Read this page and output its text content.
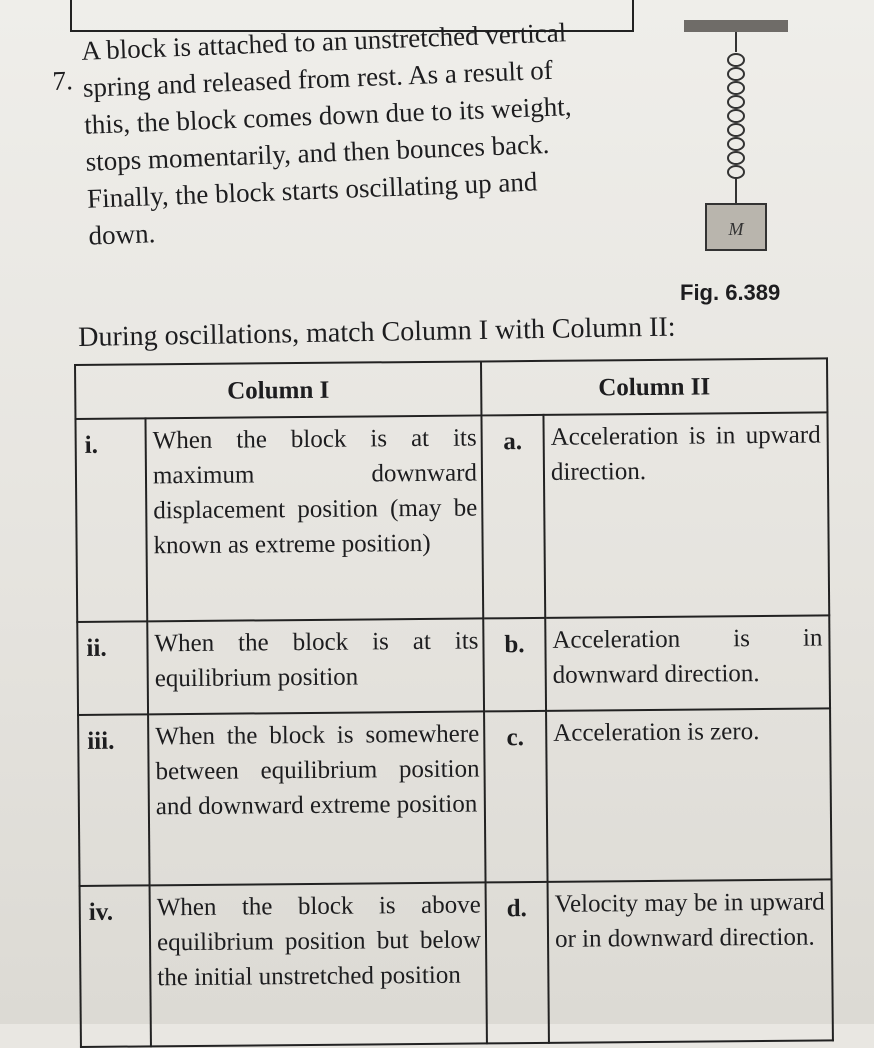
7.
A block is attached to an unstretched vertical
spring and released from rest. As a result of
this, the block comes down due to its weight,
stops momentarily, and then bounces back.
Finally, the block starts oscillating up and
down.	M
Fig. 6.389
During oscillations, match Column I with Column II:
Column I		Column II	
i.	When the block is at its maximum downward displacement position (may be known as extreme position)	a.	Acceleration is in upward direction.
ii.	When the block is at its equilibrium position	b.	Acceleration is in downward direction.
iii.	When the block is somewhere between equilibrium position and downward extreme position	c.	Acceleration is zero.
iv.	When the block is above equilibrium position but below the initial unstretched position	d.	Velocity may be in upward or in downward direction.
